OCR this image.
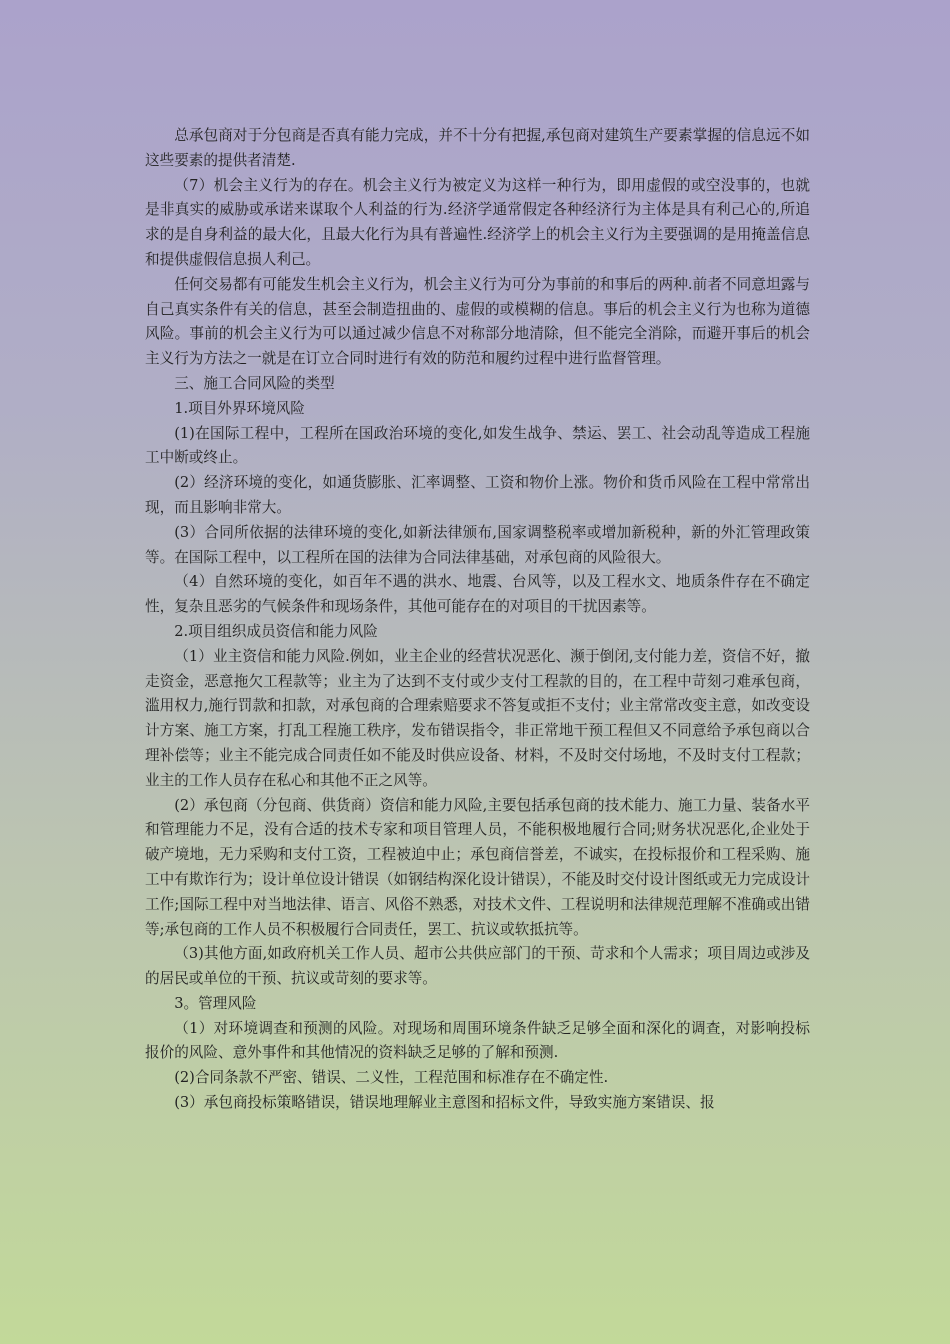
总承包商对于分包商是否真有能力完成，并不十分有把握,承包商对建筑生产要素掌握的信息远不如这些要素的提供者清楚.

（7）机会主义行为的存在。机会主义行为被定义为这样一种行为，即用虚假的或空没事的，也就是非真实的威胁或承诺来谋取个人利益的行为.经济学通常假定各种经济行为主体是具有利己心的,所追求的是自身利益的最大化，且最大化行为具有普遍性.经济学上的机会主义行为主要强调的是用掩盖信息和提供虚假信息损人利己。

任何交易都有可能发生机会主义行为，机会主义行为可分为事前的和事后的两种.前者不同意坦露与自己真实条件有关的信息，甚至会制造扭曲的、虚假的或模糊的信息。事后的机会主义行为也称为道德风险。事前的机会主义行为可以通过减少信息不对称部分地清除，但不能完全消除，而避开事后的机会主义行为方法之一就是在订立合同时进行有效的防范和履约过程中进行监督管理。

三、施工合同风险的类型

1.项目外界环境风险

(1)在国际工程中，工程所在国政治环境的变化,如发生战争、禁运、罢工、社会动乱等造成工程施工中断或终止。

(2）经济环境的变化，如通货膨胀、汇率调整、工资和物价上涨。物价和货币风险在工程中常常出现，而且影响非常大。

(3）合同所依据的法律环境的变化,如新法律颁布,国家调整税率或增加新税种，新的外汇管理政策等。在国际工程中，以工程所在国的法律为合同法律基础，对承包商的风险很大。

（4）自然环境的变化，如百年不遇的洪水、地震、台风等，以及工程水文、地质条件存在不确定性，复杂且恶劣的气候条件和现场条件，其他可能存在的对项目的干扰因素等。

2.项目组织成员资信和能力风险

（1）业主资信和能力风险.例如，业主企业的经营状况恶化、濒于倒闭,支付能力差，资信不好，撤走资金，恶意拖欠工程款等；业主为了达到不支付或少支付工程款的目的，在工程中苛刻刁难承包商，滥用权力,施行罚款和扣款，对承包商的合理索赔要求不答复或拒不支付；业主常常改变主意，如改变设计方案、施工方案，打乱工程施工秩序，发布错误指令，非正常地干预工程但又不同意给予承包商以合理补偿等；业主不能完成合同责任如不能及时供应设备、材料，不及时交付场地，不及时支付工程款；业主的工作人员存在私心和其他不正之风等。

(2）承包商（分包商、供货商）资信和能力风险,主要包括承包商的技术能力、施工力量、装备水平和管理能力不足，没有合适的技术专家和项目管理人员，不能积极地履行合同;财务状况恶化,企业处于破产境地，无力采购和支付工资，工程被迫中止；承包商信誉差，不诚实，在投标报价和工程采购、施工中有欺诈行为；设计单位设计错误（如钢结构深化设计错误），不能及时交付设计图纸或无力完成设计工作;国际工程中对当地法律、语言、风俗不熟悉，对技术文件、工程说明和法律规范理解不准确或出错等;承包商的工作人员不积极履行合同责任，罢工、抗议或软抵抗等。

（3)其他方面,如政府机关工作人员、超市公共供应部门的干预、苛求和个人需求；项目周边或涉及的居民或单位的干预、抗议或苛刻的要求等。

3。管理风险

（1）对环境调查和预测的风险。对现场和周围环境条件缺乏足够全面和深化的调查，对影响投标报价的风险、意外事件和其他情况的资料缺乏足够的了解和预测.

(2)合同条款不严密、错误、二义性，工程范围和标准存在不确定性.

(3）承包商投标策略错误，错误地理解业主意图和招标文件，导致实施方案错误、报
